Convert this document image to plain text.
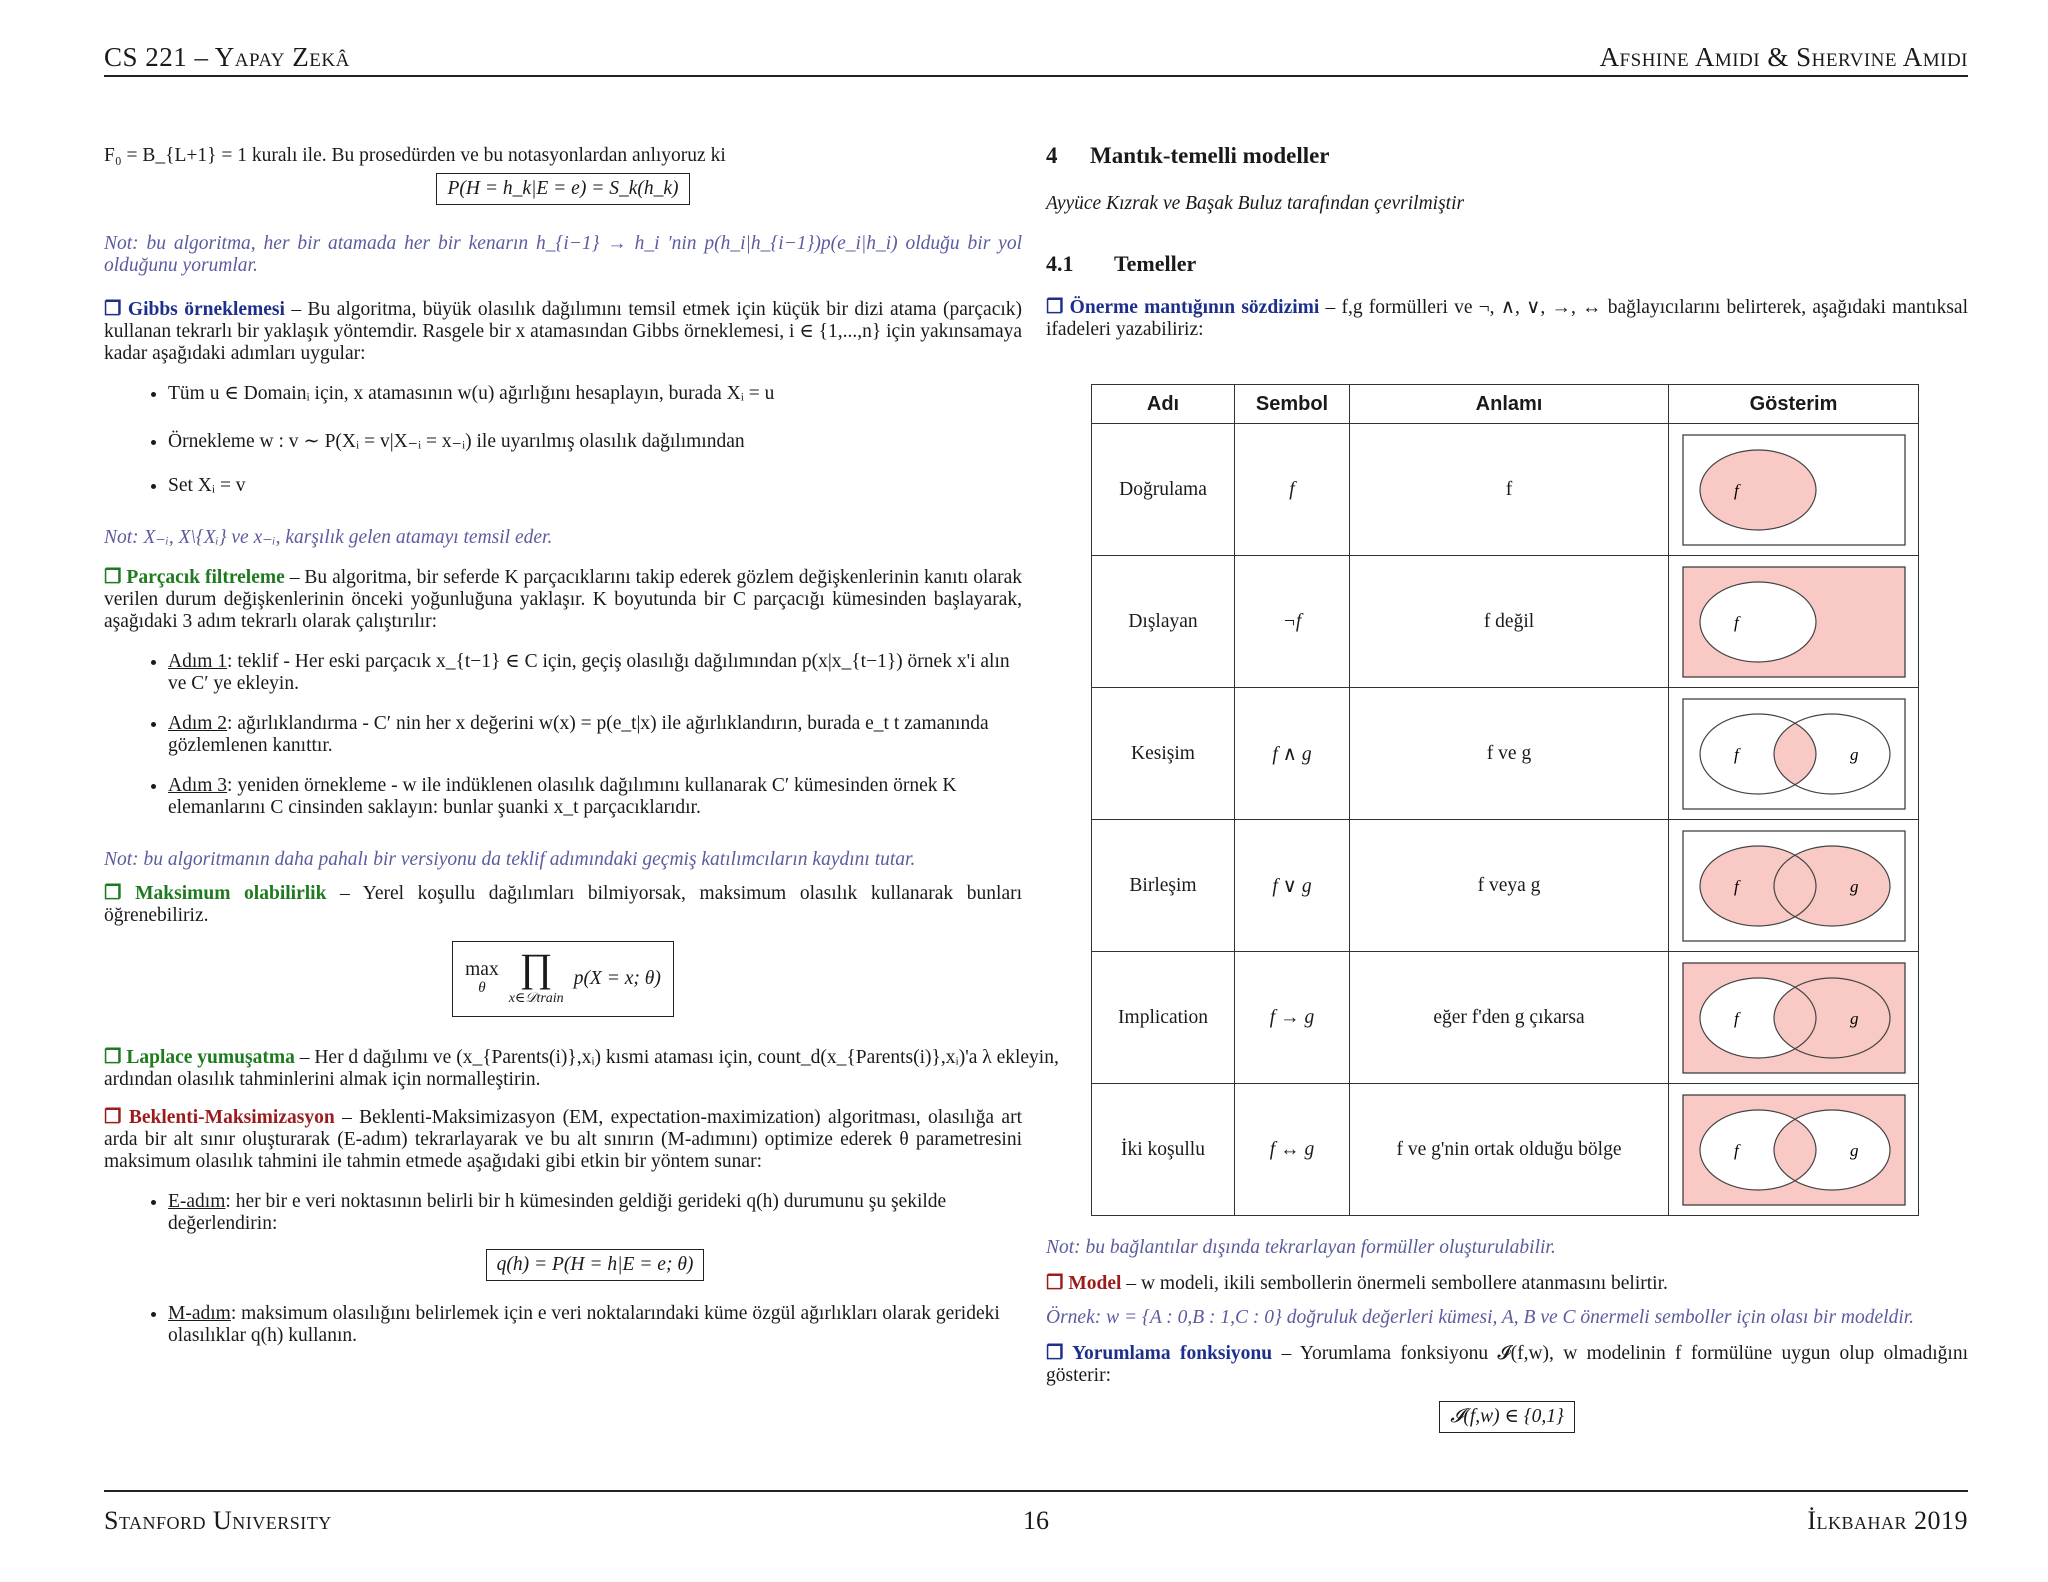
CS 221 – Yapay Zekâ	Afshine Amidi & Shervine Amidi

F₀ = B_{L+1} = 1 kuralı ile. Bu prosedürden ve bu notasyonlardan anlıyoruz ki

P(H = h_k|E = e) = S_k(h_k)

Not: bu algoritma, her bir atamada her bir kenarın h_{i−1} → h_i 'nin p(h_i|h_{i−1})p(e_i|h_i) olduğu bir yol olduğunu yorumlar.

❐ Gibbs örneklemesi – Bu algoritma, büyük olasılık dağılımını temsil etmek için küçük bir dizi atama (parçacık) kullanan tekrarlı bir yaklaşık yöntemdir. Rasgele bir x atamasından Gibbs örneklemesi, i ∈ {1,...,n} için yakınsamaya kadar aşağıdaki adımları uygular:

• Tüm u ∈ Domainᵢ için, x atamasının w(u) ağırlığını hesaplayın, burada Xᵢ = u
• Örnekleme w : v ∼ P(Xᵢ = v|X₋ᵢ = x₋ᵢ) ile uyarılmış olasılık dağılımından
• Set Xᵢ = v

Not: X₋ᵢ, X\{Xᵢ} ve x₋ᵢ, karşılık gelen atamayı temsil eder.

❐ Parçacık filtreleme – Bu algoritma, bir seferde K parçacıklarını takip ederek gözlem değişkenlerinin kanıtı olarak verilen durum değişkenlerinin önceki yoğunluğuna yaklaşır. K boyutunda bir C parçacığı kümesinden başlayarak, aşağıdaki 3 adım tekrarlı olarak çalıştırılır:

• Adım 1: teklif - Her eski parçacık x_{t−1} ∈ C için, geçiş olasılığı dağılımından p(x|x_{t−1}) örnek x'i alın ve C′ ye ekleyin.
• Adım 2: ağırlıklandırma - C′ nin her x değerini w(x) = p(e_t|x) ile ağırlıklandırın, burada e_t t zamanında gözlemlenen kanıttır.
• Adım 3: yeniden örnekleme - w ile indüklenen olasılık dağılımını kullanarak C′ kümesinden örnek K elemanlarını C cinsinden saklayın: bunlar şuanki x_t parçacıklarıdır.

Not: bu algoritmanın daha pahalı bir versiyonu da teklif adımındaki geçmiş katılımcıların kaydını tutar.

❐ Maksimum olabilirlik – Yerel koşullu dağılımları bilmiyorsak, maksimum olasılık kullanarak bunları öğrenebiliriz.

max
θ ∏
x∈𝒟train
p(X = x; θ)

❐ Laplace yumuşatma – Her d dağılımı ve (x_{Parents(i)},xᵢ) kısmi ataması için, count_d(x_{Parents(i)},xᵢ)'a λ ekleyin, ardından olasılık tahminlerini almak için normalleştirin.

❐ Beklenti-Maksimizasyon – Beklenti-Maksimizasyon (EM, expectation-maximization) algoritması, olasılığa art arda bir alt sınır oluşturarak (E-adım) tekrarlayarak ve bu alt sınırın (M-adımını) optimize ederek θ parametresini maksimum olasılık tahmini ile tahmin etmede aşağıdaki gibi etkin bir yöntem sunar:

• E-adım: her bir e veri noktasının belirli bir h kümesinden geldiği gerideki q(h) durumunu şu şekilde değerlendirin:
q(h) = P(H = h|E = e; θ)
• M-adım: maksimum olasılığını belirlemek için e veri noktalarındaki küme özgül ağırlıkları olarak gerideki olasılıklar q(h) kullanın.
4 Mantık-temelli modeller

Ayyüce Kızrak ve Başak Buluz tarafından çevrilmiştir

4.1 Temeller

❐ Önerme mantığının sözdizimi – f,g formülleri ve ¬, ∧, ∨, →, ↔ bağlayıcılarını belirterek, aşağıdaki mantıksal ifadeleri yazabiliriz:

Adı	Sembol	Anlamı	Gösterim
Doğrulama	f	f	f

Dışlayan	¬f	f değil	f

Kesişim	f ∧ g	f ve g	f g

Birleşim	f ∨ g	f veya g	f g

Implication	f → g	eğer f'den g çıkarsa	f g

İki koşullu	f ↔ g	f ve g'nin ortak olduğu bölge	f g

Not: bu bağlantılar dışında tekrarlayan formüller oluşturulabilir.

❐ Model – w modeli, ikili sembollerin önermeli sembollere atanmasını belirtir.

Örnek: w = {A : 0,B : 1,C : 0} doğruluk değerleri kümesi, A, B ve C önermeli semboller için olası bir modeldir.

❐ Yorumlama fonksiyonu – Yorumlama fonksiyonu 𝓘(f,w), w modelinin f formülüne uygun olup olmadığını gösterir:

𝓘(f,w) ∈ {0,1}
Stanford University	16	İlkbahar 2019
